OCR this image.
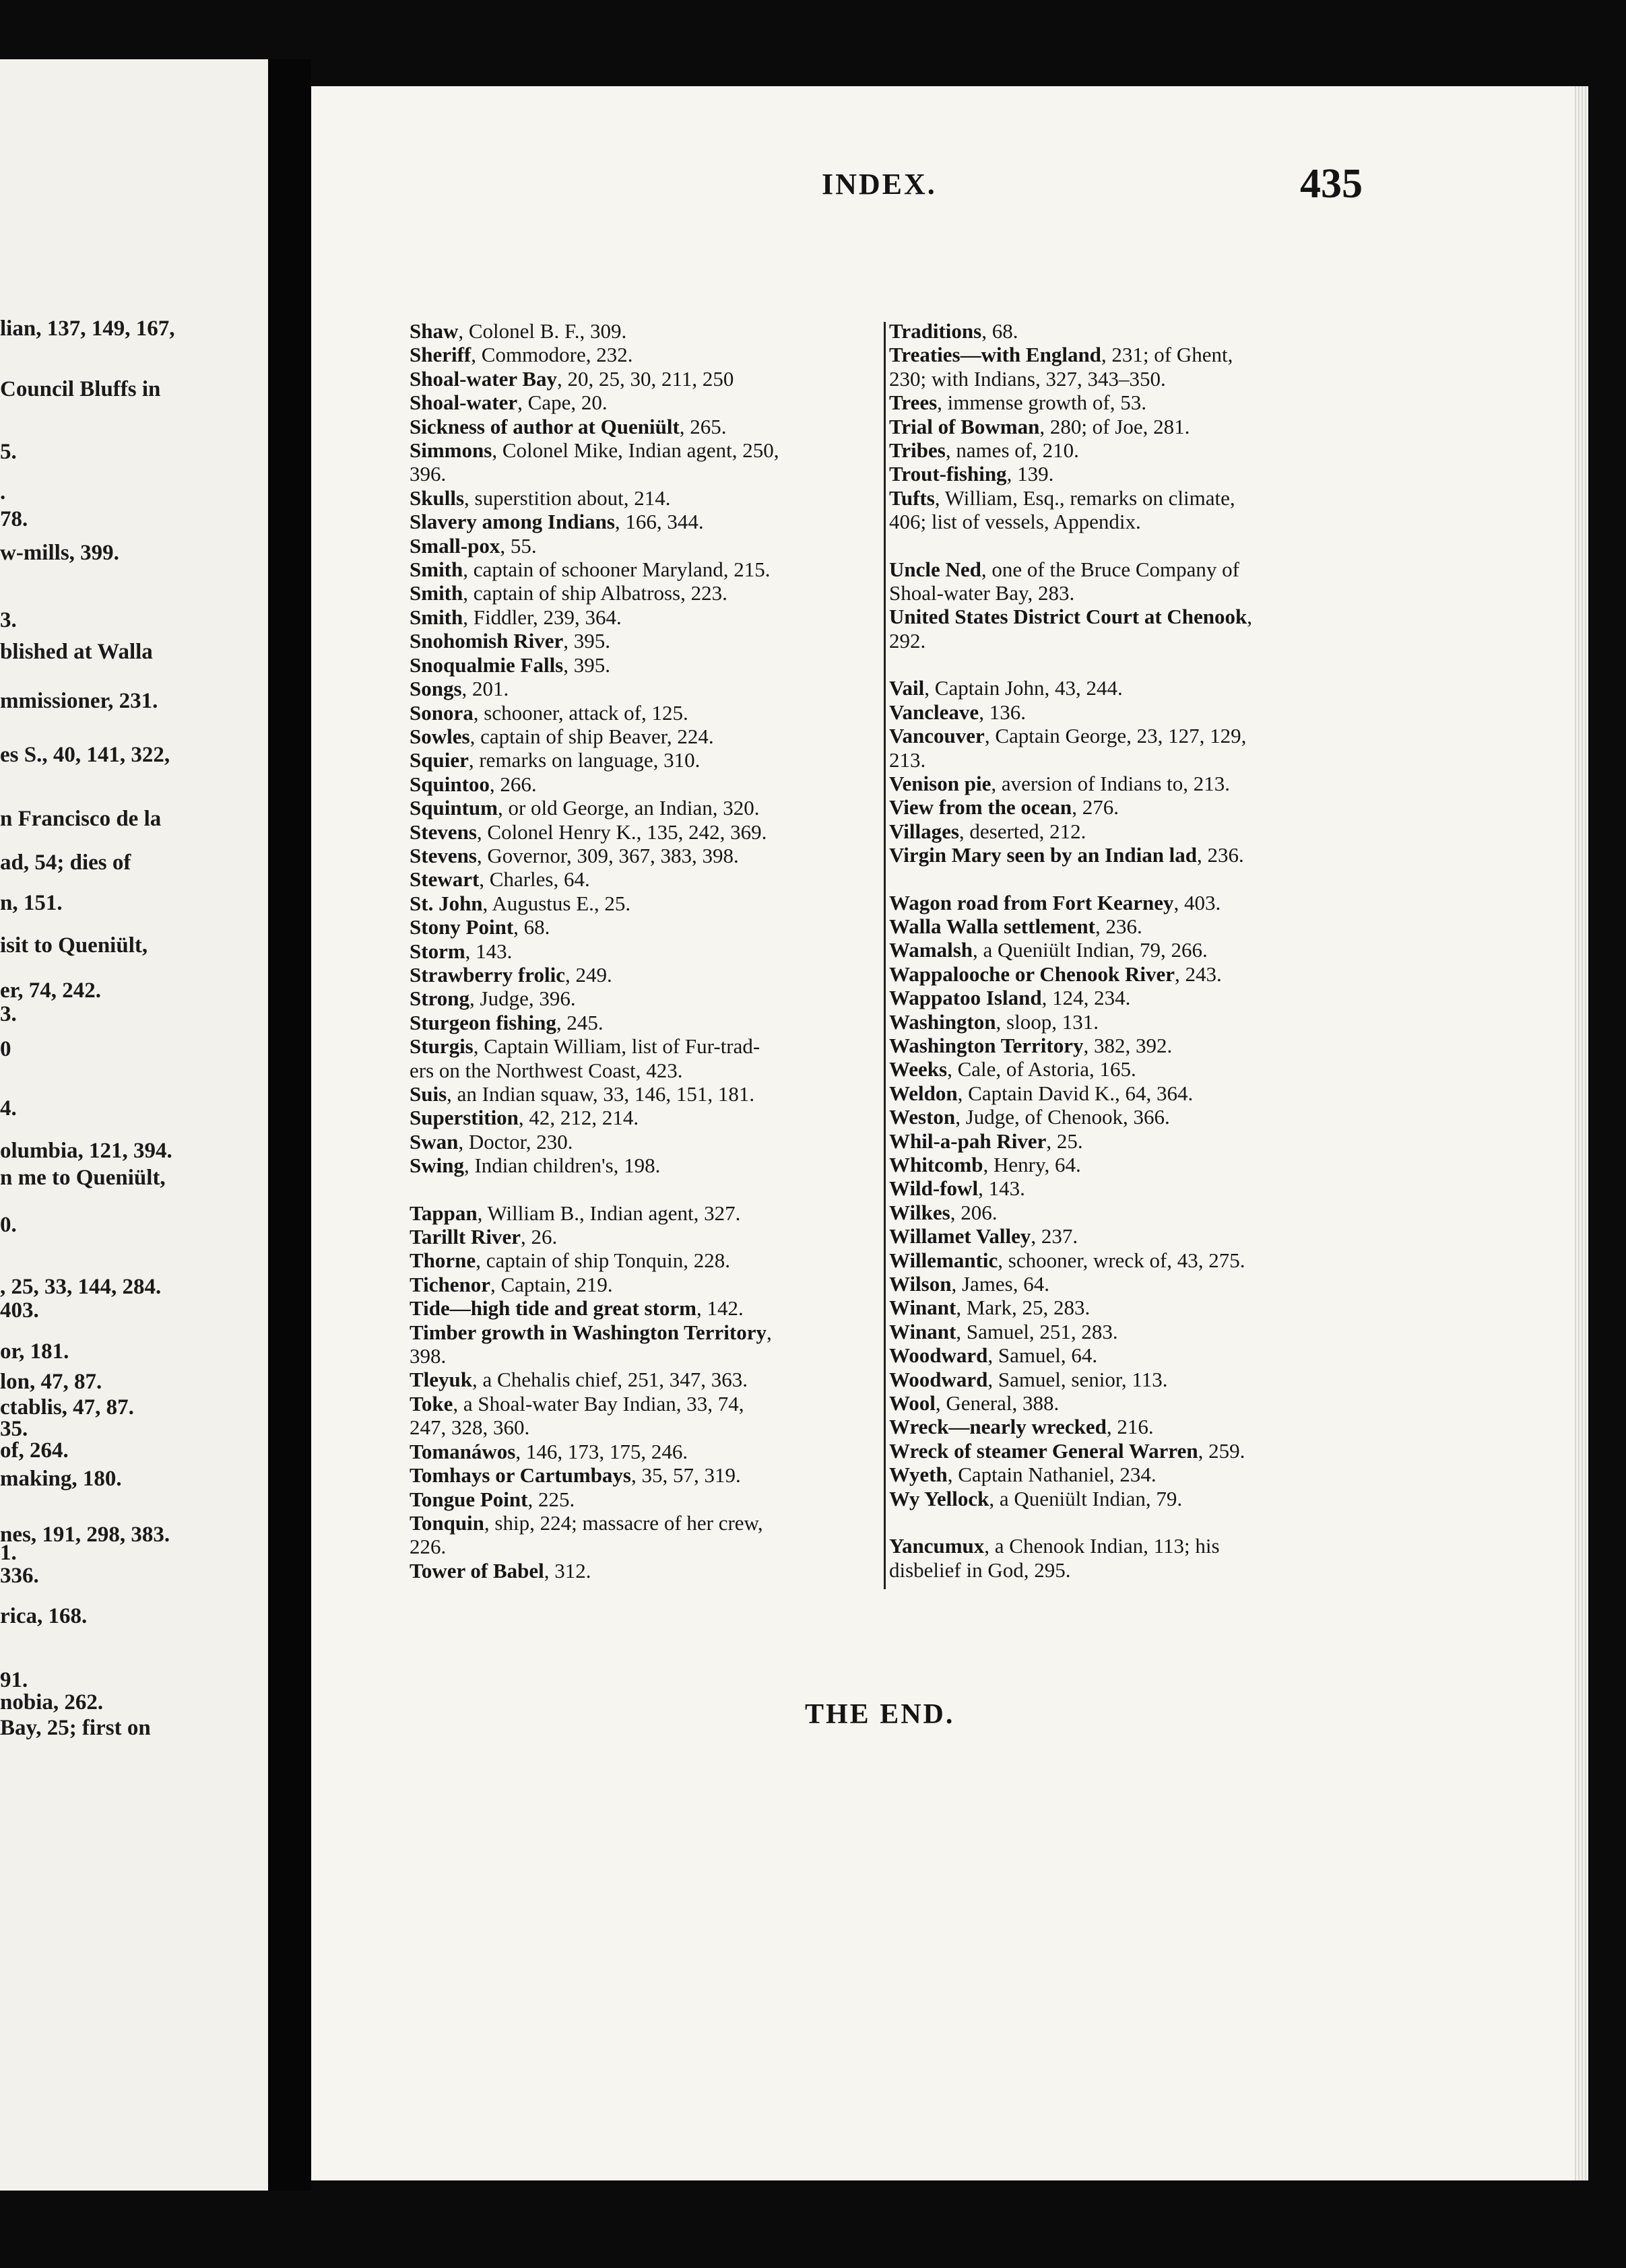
lian, 137, 149, 167,
Council Bluffs in
5.
.
78.
w-mills, 399.
3.
blished at Walla
mmissioner, 231.
es S., 40, 141, 322,
n Francisco de la
ad, 54; dies of
n, 151.
isit to Queniült,
er, 74, 242.
3.
0
4.
olumbia, 121, 394.
n me to Queniült,
0.
, 25, 33, 144, 284.
403.
or, 181.
lon, 47, 87.
ctablis, 47, 87.
35.
of, 264.
making, 180.
nes, 191, 298, 383.
1.
336.
rica, 168.
91.
nobia, 262.
Bay, 25; first on
INDEX.	435
Shaw, Colonel B. F., 309.
Sheriff, Commodore, 232.
Shoal-water Bay, 20, 25, 30, 211, 250
Shoal-water, Cape, 20.
Sickness of author at Queniült, 265.
Simmons, Colonel Mike, Indian agent, 250,
396.
Skulls, superstition about, 214.
Slavery among Indians, 166, 344.
Small-pox, 55.
Smith, captain of schooner Maryland, 215.
Smith, captain of ship Albatross, 223.
Smith, Fiddler, 239, 364.
Snohomish River, 395.
Snoqualmie Falls, 395.
Songs, 201.
Sonora, schooner, attack of, 125.
Sowles, captain of ship Beaver, 224.
Squier, remarks on language, 310.
Squintoo, 266.
Squintum, or old George, an Indian, 320.
Stevens, Colonel Henry K., 135, 242, 369.
Stevens, Governor, 309, 367, 383, 398.
Stewart, Charles, 64.
St. John, Augustus E., 25.
Stony Point, 68.
Storm, 143.
Strawberry frolic, 249.
Strong, Judge, 396.
Sturgeon fishing, 245.
Sturgis, Captain William, list of Fur-trad-
ers on the Northwest Coast, 423.
Suis, an Indian squaw, 33, 146, 151, 181.
Superstition, 42, 212, 214.
Swan, Doctor, 230.
Swing, Indian children's, 198.
Tappan, William B., Indian agent, 327.
Tarillt River, 26.
Thorne, captain of ship Tonquin, 228.
Tichenor, Captain, 219.
Tide—high tide and great storm, 142.
Timber growth in Washington Territory,
398.
Tleyuk, a Chehalis chief, 251, 347, 363.
Toke, a Shoal-water Bay Indian, 33, 74,
247, 328, 360.
Tomanáwos, 146, 173, 175, 246.
Tomhays or Cartumbays, 35, 57, 319.
Tongue Point, 225.
Tonquin, ship, 224; massacre of her crew,
226.
Tower of Babel, 312.
Traditions, 68.
Treaties—with England, 231; of Ghent,
230; with Indians, 327, 343–350.
Trees, immense growth of, 53.
Trial of Bowman, 280; of Joe, 281.
Tribes, names of, 210.
Trout-fishing, 139.
Tufts, William, Esq., remarks on climate,
406; list of vessels, Appendix.
Uncle Ned, one of the Bruce Company of
Shoal-water Bay, 283.
United States District Court at Chenook,
292.
Vail, Captain John, 43, 244.
Vancleave, 136.
Vancouver, Captain George, 23, 127, 129,
213.
Venison pie, aversion of Indians to, 213.
View from the ocean, 276.
Villages, deserted, 212.
Virgin Mary seen by an Indian lad, 236.
Wagon road from Fort Kearney, 403.
Walla Walla settlement, 236.
Wamalsh, a Queniült Indian, 79, 266.
Wappalooche or Chenook River, 243.
Wappatoo Island, 124, 234.
Washington, sloop, 131.
Washington Territory, 382, 392.
Weeks, Cale, of Astoria, 165.
Weldon, Captain David K., 64, 364.
Weston, Judge, of Chenook, 366.
Whil-a-pah River, 25.
Whitcomb, Henry, 64.
Wild-fowl, 143.
Wilkes, 206.
Willamet Valley, 237.
Willemantic, schooner, wreck of, 43, 275.
Wilson, James, 64.
Winant, Mark, 25, 283.
Winant, Samuel, 251, 283.
Woodward, Samuel, 64.
Woodward, Samuel, senior, 113.
Wool, General, 388.
Wreck—nearly wrecked, 216.
Wreck of steamer General Warren, 259.
Wyeth, Captain Nathaniel, 234.
Wy Yellock, a Queniült Indian, 79.
Yancumux, a Chenook Indian, 113; his
disbelief in God, 295.
THE END.
